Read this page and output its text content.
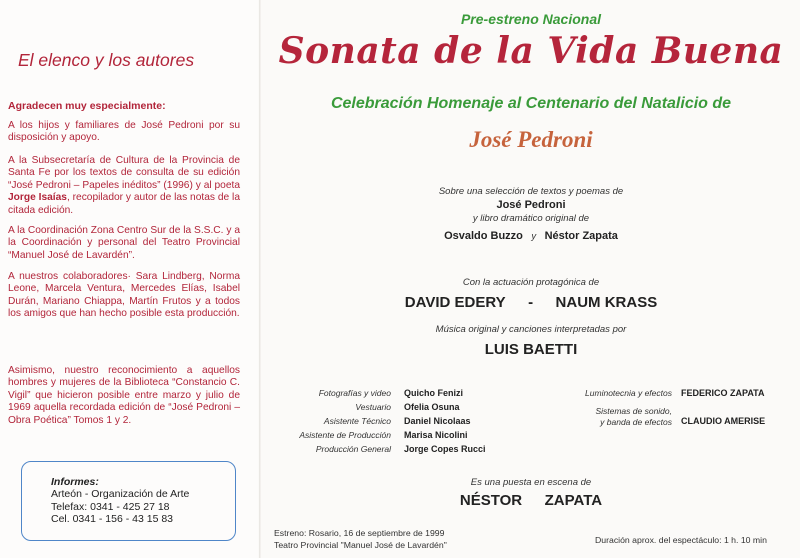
El elenco y los autores
Agradecen muy especialmente:
A los hijos y familiares de José Pedroni por su disposición y apoyo.
A la Subsecretaría de Cultura de la Provincia de Santa Fe por los textos de consulta de su edición “José Pedroni – Papeles inéditos” (1996) y al poeta Jorge Isaías, recopilador y autor de las notas de la citada edición.
A la Coordinación Zona Centro Sur de la S.S.C. y a la Coordinación y personal del Teatro Provincial “Manuel José de Lavardén”.
A nuestros colaboradores· Sara Lindberg, Norma Leone, Marcela Ventura, Mercedes Elías, Isabel Durán, Mariano Chiappa, Martín Frutos y a todos los amigos que han hecho posible esta producción.
Asimismo, nuestro reconocimiento a aquellos hombres y mujeres de la Biblioteca “Constancio C. Vigil” que hicieron posible entre marzo y julio de 1969 aquella recordada edición de “José Pedroni – Obra Poética” Tomos 1 y 2.
Informes:
Arteón - Organización de Arte
Telefax: 0341 - 425 27 18
Cel. 0341 - 156 - 43 15 83
Pre-estreno Nacional
Sonata de la Vida Buena
Celebración Homenaje al Centenario del Natalicio de
José Pedroni
Sobre una selección de textos y poemas de
José Pedroni
y libro dramático original de
Osvaldo Buzzo y Néstor Zapata
Con la actuación protagónica de
DAVID EDERY - NAUM KRASS
Música original y canciones interpretadas por
LUIS BAETTI
Fotografías y video Quicho Fenizi
Vestuario Ofelia Osuna
Asistente Técnico Daniel Nicolaas
Asistente de Producción Marisa Nicolini
Producción General Jorge Copes Rucci
Luminotecnia y efectos FEDERICO ZAPATA
Sistemas de sonido,
y banda de efectos CLAUDIO AMERISE
Es una puesta en escena de
NÉSTOR ZAPATA
Estreno: Rosario, 16 de septiembre de 1999
Teatro Provincial "Manuel José de Lavardén"	Duración aprox. del espectáculo: 1 h. 10 min
